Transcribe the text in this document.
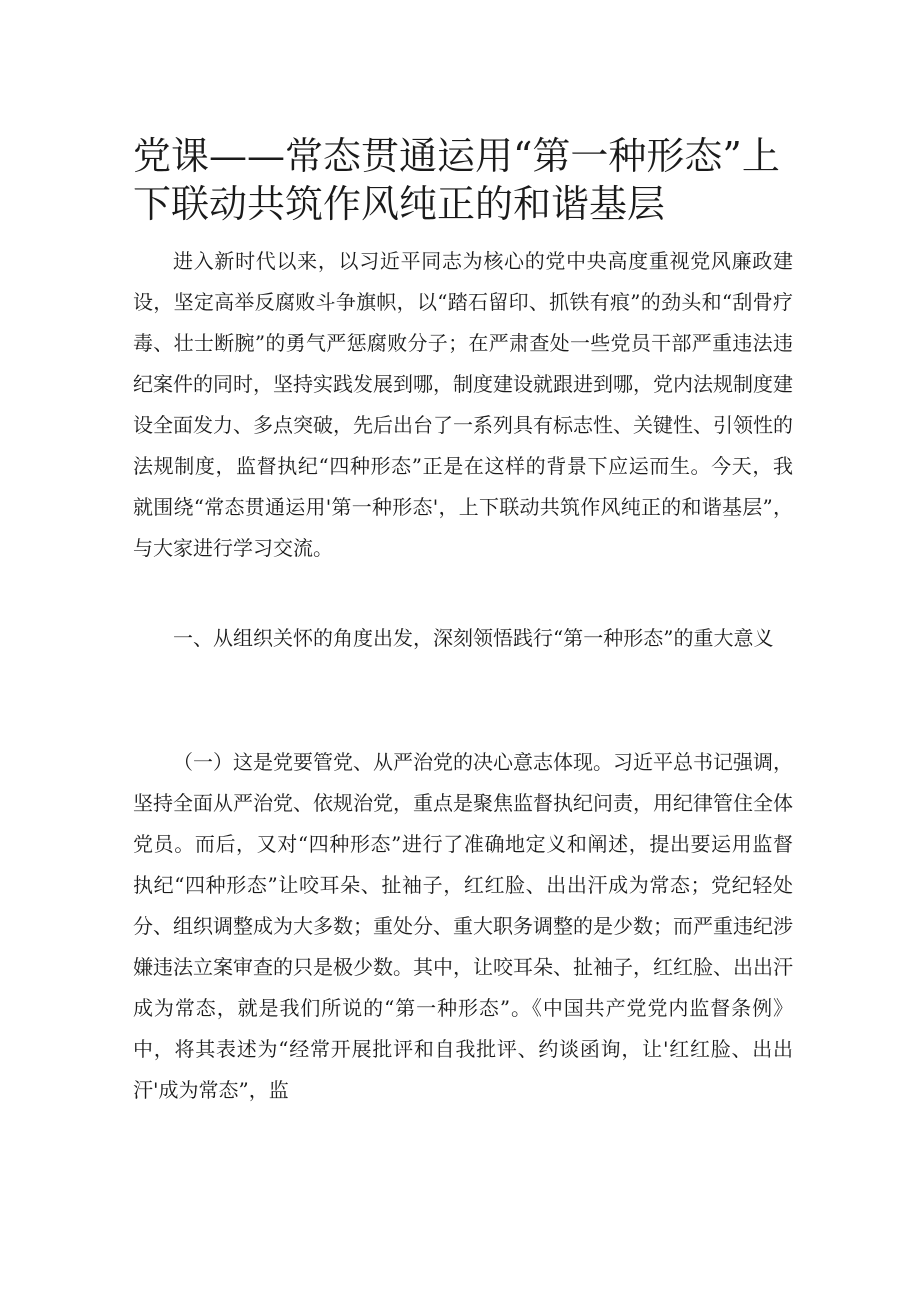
党课——常态贯通运用“第一种形态”上下联动共筑作风纯正的和谐基层

进入新时代以来，以习近平同志为核心的党中央高度重视党风廉政建设，坚定高举反腐败斗争旗帜，以“踏石留印、抓铁有痕”的劲头和“刮骨疗毒、壮士断腕”的勇气严惩腐败分子；在严肃查处一些党员干部严重违法违纪案件的同时，坚持实践发展到哪，制度建设就跟进到哪，党内法规制度建设全面发力、多点突破，先后出台了一系列具有标志性、关键性、引领性的法规制度，监督执纪“四种形态”正是在这样的背景下应运而生。今天，我就围绕“常态贯通运用'第一种形态'，上下联动共筑作风纯正的和谐基层”，与大家进行学习交流。

一、从组织关怀的角度出发，深刻领悟践行“第一种形态”的重大意义

（一）这是党要管党、从严治党的决心意志体现。习近平总书记强调，坚持全面从严治党、依规治党，重点是聚焦监督执纪问责，用纪律管住全体党员。而后，又对“四种形态”进行了准确地定义和阐述，提出要运用监督执纪“四种形态”让咬耳朵、扯袖子，红红脸、出出汗成为常态；党纪轻处分、组织调整成为大多数；重处分、重大职务调整的是少数；而严重违纪涉嫌违法立案审查的只是极少数。其中，让咬耳朵、扯袖子，红红脸、出出汗成为常态，就是我们所说的“第一种形态”。《中国共产党党内监督条例》中，将其表述为“经常开展批评和自我批评、约谈函询，让'红红脸、出出汗'成为常态”，监
